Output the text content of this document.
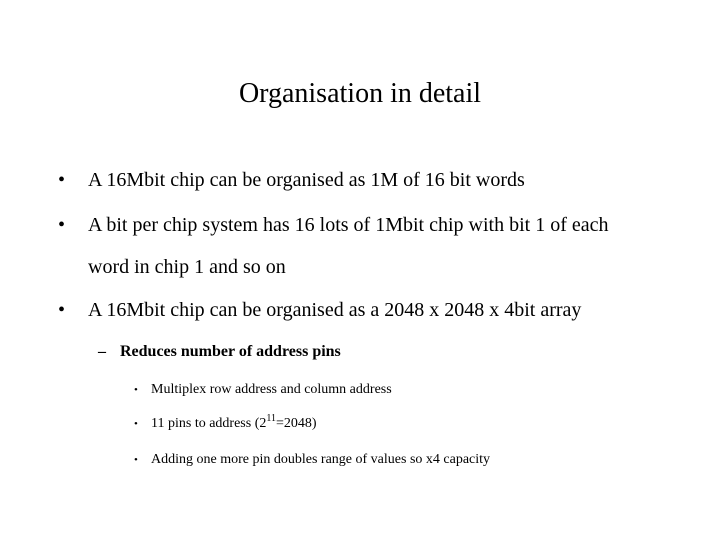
Organisation in detail
• A 16Mbit chip can be organised as 1M of 16 bit words
• A bit per chip system has 16 lots of 1Mbit chip with bit 1 of each
word in chip 1 and so on
• A 16Mbit chip can be organised as a 2048 x 2048 x 4bit array
– Reduces number of address pins
• Multiplex row address and column address
• 11 pins to address $(2^{11}=2048)$
• Adding one more pin doubles range of values so x4 capacity
